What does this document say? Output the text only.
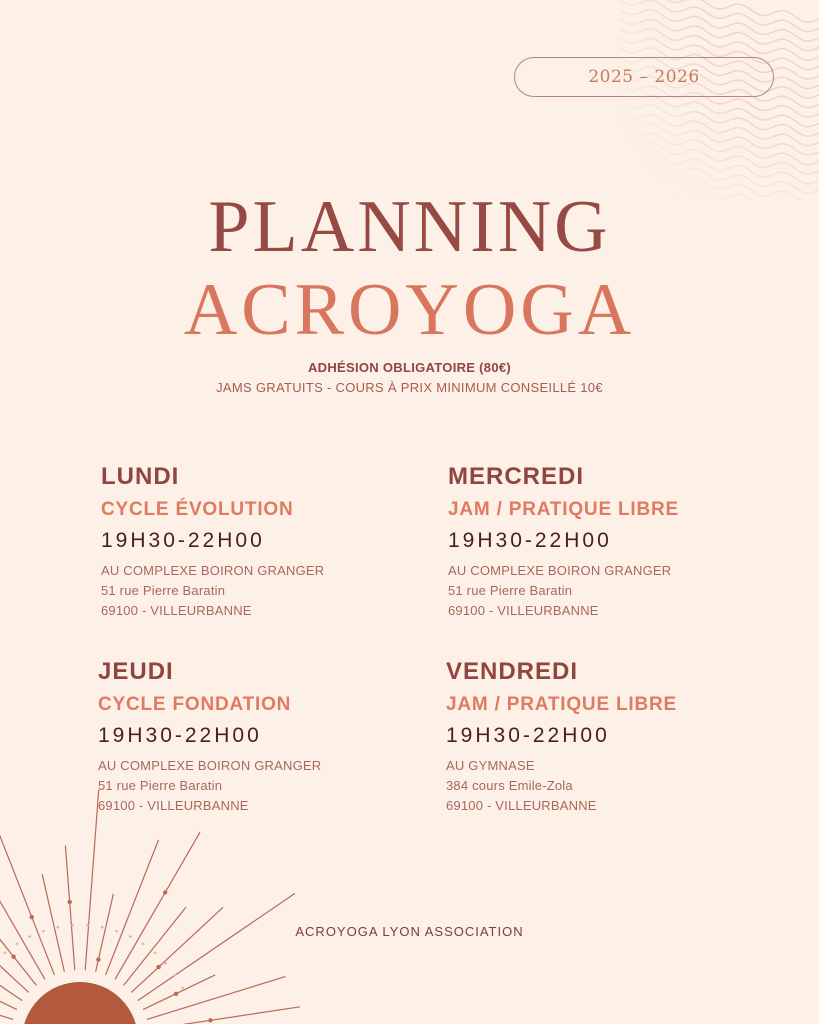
2025 – 2026
PLANNING
ACROYOGA
ADHÉSION OBLIGATOIRE (80€)
JAMS GRATUITS - COURS À PRIX MINIMUM CONSEILLÉ 10€
LUNDI
CYCLE ÉVOLUTION
19H30-22H00
AU COMPLEXE BOIRON GRANGER
51 rue Pierre Baratin
69100 - VILLEURBANNE
MERCREDI
JAM / PRATIQUE LIBRE
19H30-22H00
AU COMPLEXE BOIRON GRANGER
51 rue Pierre Baratin
69100 - VILLEURBANNE
JEUDI
CYCLE FONDATION
19H30-22H00
AU COMPLEXE BOIRON GRANGER
51 rue Pierre Baratin
69100 - VILLEURBANNE
VENDREDI
JAM / PRATIQUE LIBRE
19H30-22H00
AU GYMNASE
384 cours Emile-Zola
69100 - VILLEURBANNE
ACROYOGA LYON ASSOCIATION
